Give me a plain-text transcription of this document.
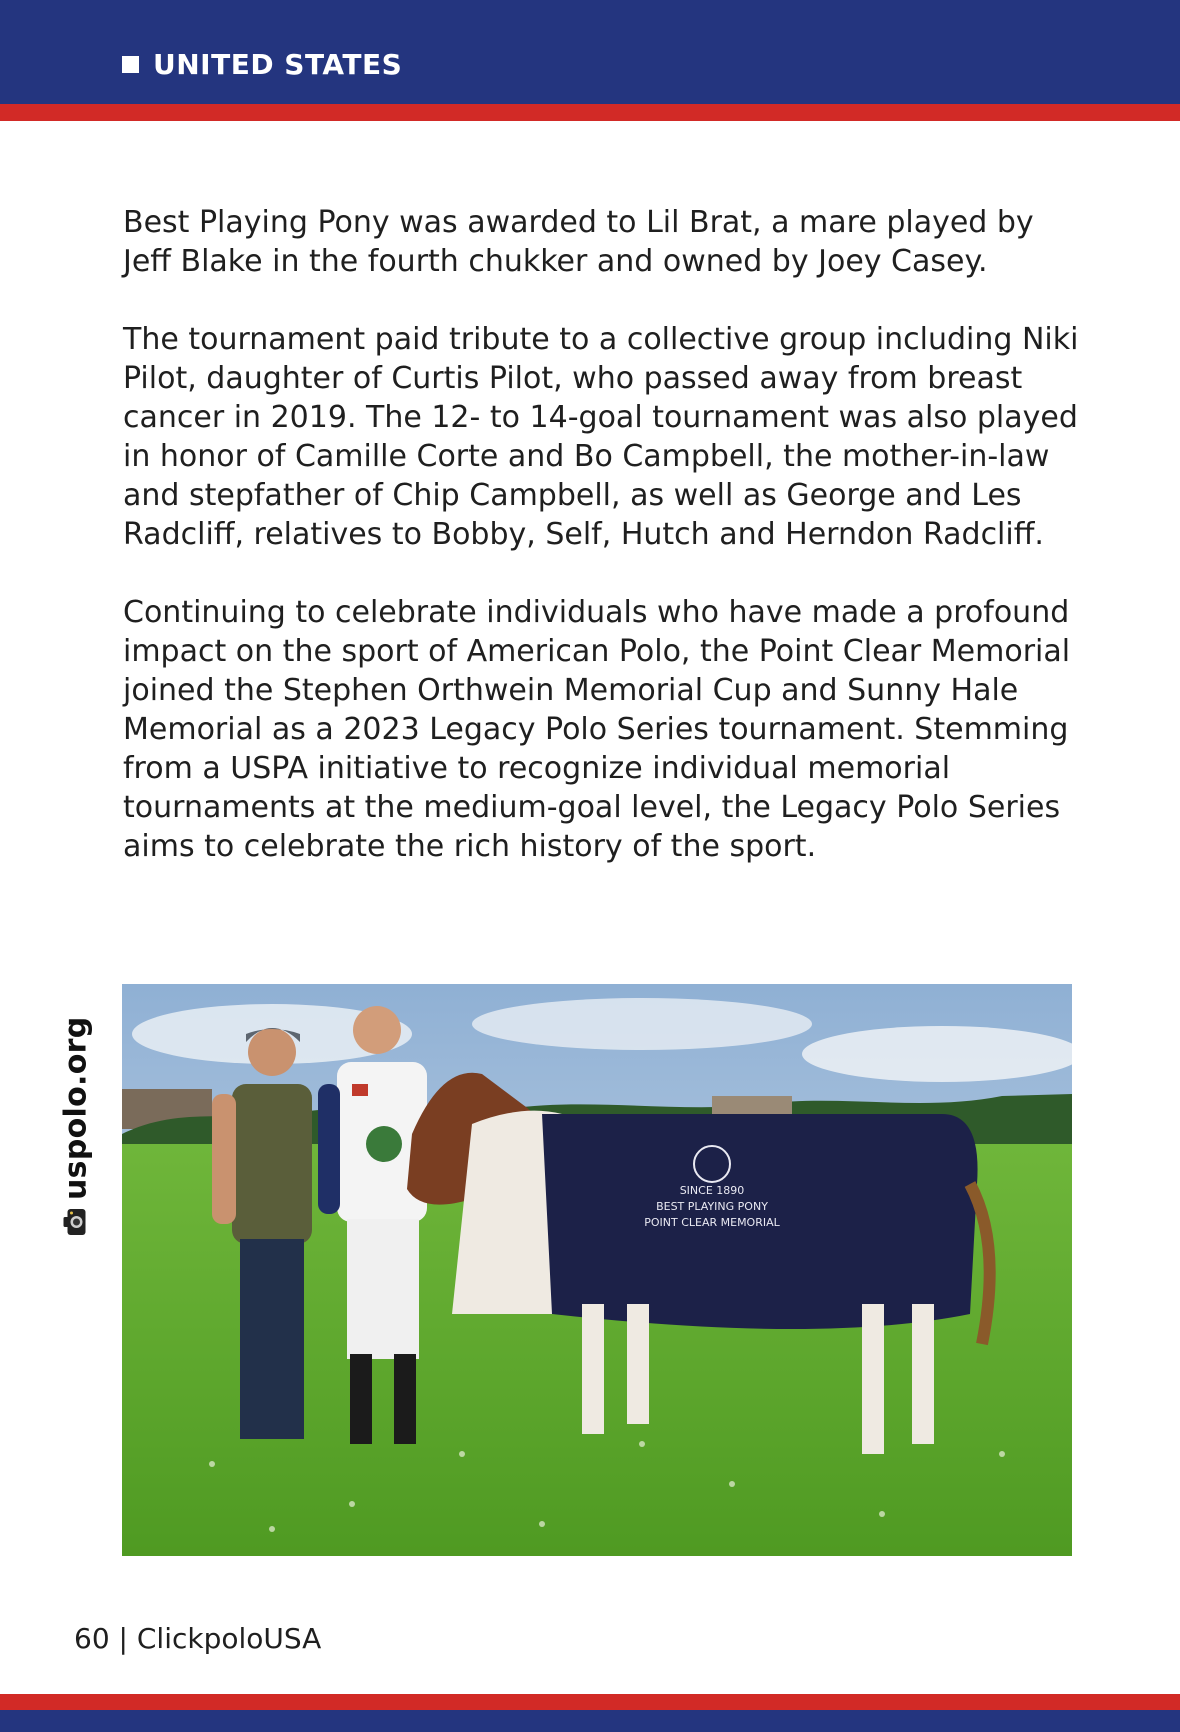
UNITED STATES

Best Playing Pony was awarded to Lil Brat, a mare played by Jeff Blake in the fourth chukker and owned by Joey Casey.

The tournament paid tribute to a collective group including Niki Pilot, daughter of Curtis Pilot, who passed away from breast cancer in 2019. The 12- to 14-goal tournament was also played in honor of Camille Corte and Bo Campbell, the mother-in-law and stepfather of Chip Campbell, as well as George and Les Radcliff, relatives to Bobby, Self, Hutch and Herndon Radcliff.

Continuing to celebrate individuals who have made a profound impact on the sport of American Polo, the Point Clear Memorial joined the Stephen Orthwein Memorial Cup and Sunny Hale Memorial as a 2023 Legacy Polo Series tournament. Stemming from a USPA initiative to recognize individual memorial tournaments at the medium-goal level, the Legacy Polo Series aims to celebrate the rich history of the sport.

uspolo.org	SINCE 1890
BEST PLAYING PONY
POINT CLEAR MEMORIAL
60 | ClickpoloUSA
